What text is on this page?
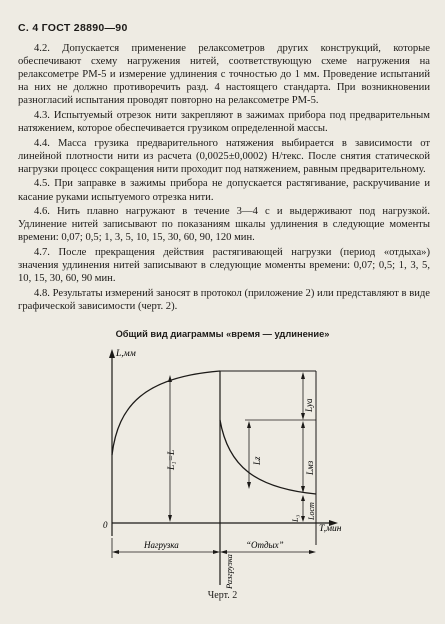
С. 4 ГОСТ 28890—90

4.2. Допускается применение релаксометров других конструкций, которые обеспечивают схему нагружения нитей, соответствующую схеме нагружения на релаксометре РМ-5 и измерение удлинения с точностью до 1 мм. Проведение испытаний на них не должно противоречить разд. 4 настоящего стандарта. При возникновении разногласий испытания проводят повторно на релаксометре РМ-5.

4.3. Испытуемый отрезок нити закрепляют в зажимах прибора под предварительным натяжением, которое обеспечивается грузиком определенной массы.

4.4. Масса грузика предварительного натяжения выбирается в зависимости от линейной плотности нити из расчета (0,0025±0,0002) Н/текс. После снятия статической нагрузки процесс сокращения нити проходит под натяжением, равным предварительному.

4.5. При заправке в зажимы прибора не допускается растягивание, раскручивание и касание руками испытуемого отрезка нити.

4.6. Нить плавно нагружают в течение 3—4 с и выдерживают под нагрузкой. Удлинение нитей записывают по показаниям шкалы удлинения в следующие моменты времени: 0,07; 0,5; 1, 3, 5, 10, 15, 30, 60, 90, 120 мин.

4.7. После прекращения действия растягивающей нагрузки (период «отдыха») значения удлинения нитей записывают в следующие моменты времени: 0,07; 0,5; 1, 3, 5, 10, 15, 30, 60, 90 мин.

4.8. Результаты измерений заносят в протокол (приложение 2) или представляют в виде графической зависимости (черт. 2).

Общий вид диаграммы «время — удлинение»
L₁=L
Lуа
Lz	Lмз
Lост
L₃
L,мм
T,мин
0
Нагрузка	“Отдых”
Разгрузка
Черт. 2
